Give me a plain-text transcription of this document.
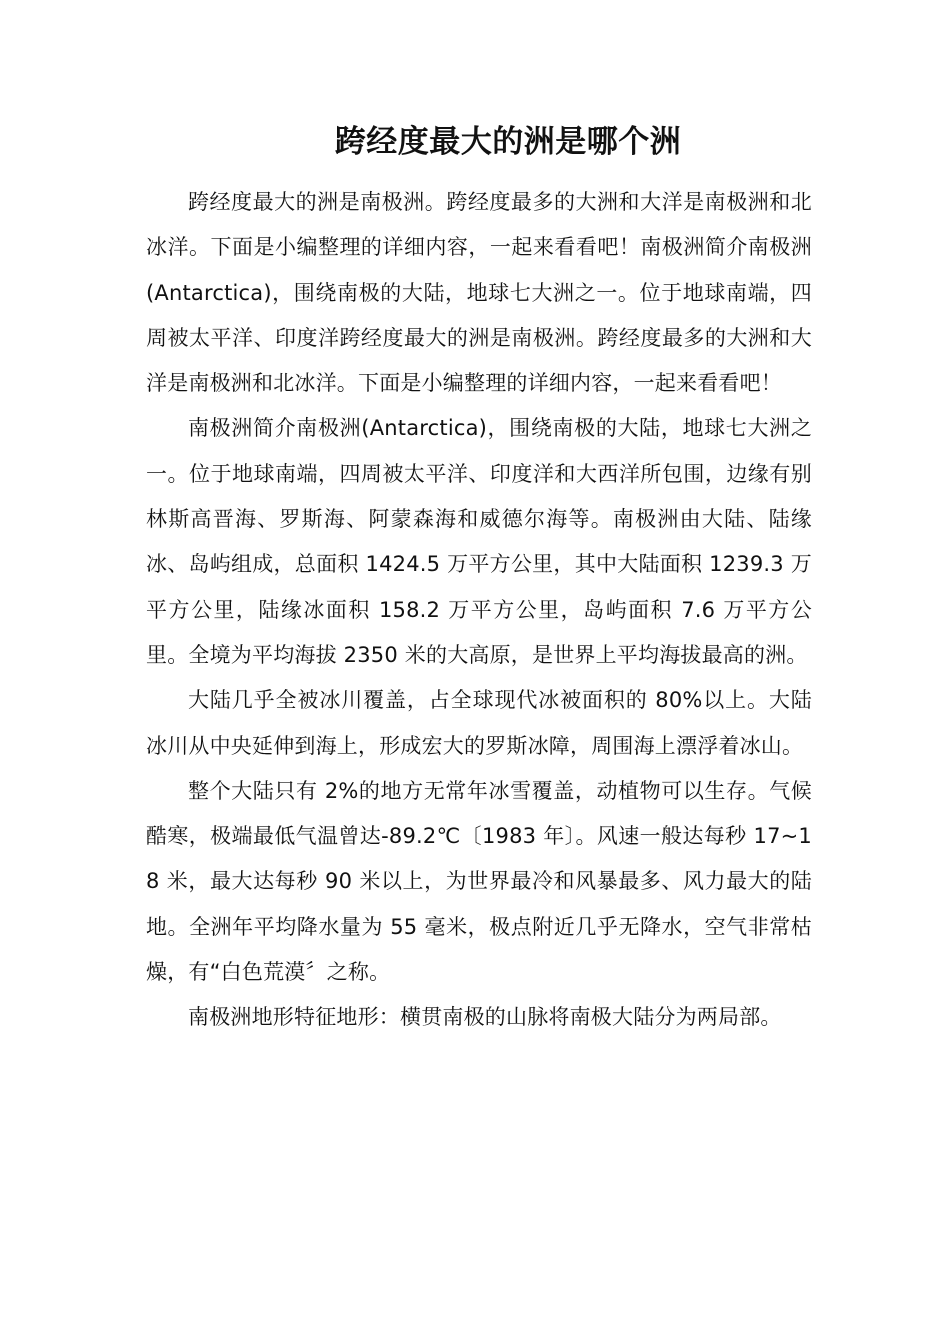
跨经度最大的洲是哪个洲

跨经度最大的洲是南极洲。跨经度最多的大洲和大洋是南极洲和北冰洋。下面是小编整理的详细内容，一起来看看吧！南极洲简介南极洲(Antarctica)，围绕南极的大陆，地球七大洲之一。位于地球南端，四周被太平洋、印度洋跨经度最大的洲是南极洲。跨经度最多的大洲和大洋是南极洲和北冰洋。下面是小编整理的详细内容，一起来看看吧！

南极洲简介南极洲(Antarctica)，围绕南极的大陆，地球七大洲之一。位于地球南端，四周被太平洋、印度洋和大西洋所包围，边缘有别林斯高晋海、罗斯海、阿蒙森海和威德尔海等。南极洲由大陆、陆缘冰、岛屿组成，总面积 1424.5 万平方公里，其中大陆面积 1239.3 万平方公里，陆缘冰面积 158.2 万平方公里，岛屿面积 7.6 万平方公里。全境为平均海拔 2350 米的大高原，是世界上平均海拔最高的洲。

大陆几乎全被冰川覆盖，占全球现代冰被面积的 80%以上。大陆冰川从中央延伸到海上，形成宏大的罗斯冰障，周围海上漂浮着冰山。

整个大陆只有 2%的地方无常年冰雪覆盖，动植物可以生存。气候酷寒，极端最低气温曾达-89.2℃〔1983 年〕。风速一般达每秒 17~18 米，最大达每秒 90 米以上，为世界最冷和风暴最多、风力最大的陆地。全洲年平均降水量为 55 毫米，极点附近几乎无降水，空气非常枯燥，有“白色荒漠〞之称。

南极洲地形特征地形：横贯南极的山脉将南极大陆分为两局部。
